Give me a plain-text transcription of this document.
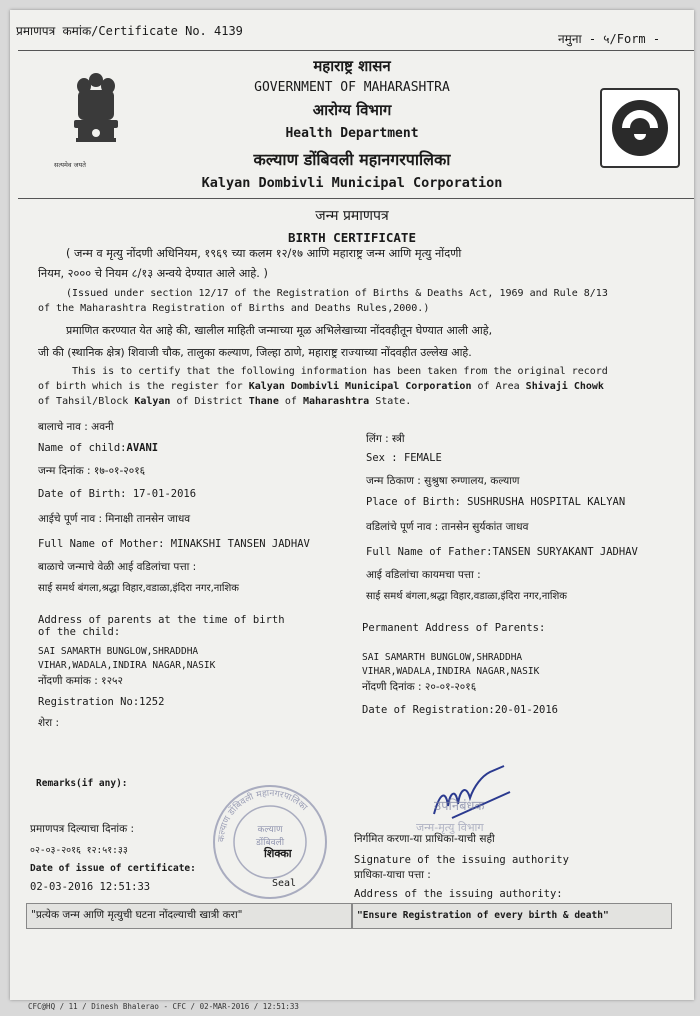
प्रमाणपत्र कमांक/Certificate No. 4139
नमुना - ५/Form -
सत्यमेव जयते
महाराष्ट्र शासन
GOVERNMENT OF MAHARASHTRA
आरोग्य विभाग
Health Department
कल्याण डोंबिवली महानगरपालिका
Kalyan Dombivli Municipal Corporation
जन्म प्रमाणपत्र
BIRTH CERTIFICATE
( जन्म व मृत्यु नोंदणी अधिनियम, १९६९ च्या कलम १२/१७ आणि महाराष्ट्र जन्म आणि मृत्यु नोंदणी
नियम, २००० चे नियम ८/१३ अन्वये देण्यात आले आहे. )
(Issued under section 12/17 of the Registration of Births & Deaths Act, 1969 and Rule 8/13
of the Maharashtra Registration of Births and Deaths Rules,2000.)
प्रमाणित करण्यात येत आहे की, खालील माहिती जन्माच्या मूळ अभिलेखाच्या नोंदवहीतून घेण्यात आली आहे,
जी की (स्थानिक क्षेत्र) शिवाजी चौक, तालुका कल्याण, जिल्हा ठाणे, महाराष्ट्र राज्याच्या नोंदवहीत उल्लेख आहे.
This is to certify that the following information has been taken from the original record
of birth which is the register for Kalyan Dombivli Municipal Corporation of Area Shivaji Chowk
of Tahsil/Block Kalyan of District Thane of Maharashtra State.
बालाचे नाव : अवनी
Name of child:AVANI
जन्म दिनांक : १७-०१-२०१६
Date of Birth: 17-01-2016
आईचे पूर्ण नाव : मिनाक्षी तानसेन जाधव
Full Name of Mother: MINAKSHI TANSEN JADHAV
बाळाचे जन्माचे वेळी आई वडिलांचा पत्ता :
साई समर्थ बंगला,श्रद्धा विहार,वडाळा,इंदिरा नगर,नाशिक
Address of parents at the time of birth
of the child:
SAI SAMARTH BUNGLOW,SHRADDHA
VIHAR,WADALA,INDIRA NAGAR,NASIK
नोंदणी कमांक : १२५२
Registration No:1252
शेरा :
लिंग : स्त्री
Sex : FEMALE
जन्म ठिकाण : सुश्रुषा रुग्णालय, कल्याण
Place of Birth: SUSHRUSHA HOSPITAL KALYAN
वडिलांचे पूर्ण नाव : तानसेन सुर्यकांत जाधव
Full Name of Father:TANSEN SURYAKANT JADHAV
आई वडिलांचा कायमचा पत्ता :
साई समर्थ बंगला,श्रद्धा विहार,वडाळा,इंदिरा नगर,नाशिक
Permanent Address of Parents:
SAI SAMARTH BUNGLOW,SHRADDHA
VIHAR,WADALA,INDIRA NAGAR,NASIK
नोंदणी दिनांक : २०-०१-२०१६
Date of Registration:20-01-2016
Remarks(if any):
उपनिबंधक
जन्म-मृत्यु विभाग
कल्याण डोंबिवली महानगरपालिका
कल्याण
डोंबिवली
शिक्का
Seal
प्रमाणपत्र दिल्याचा दिनांक :
०२-०३-२०१६ १२:५१:३३
Date of issue of certificate:
02-03-2016 12:51:33
निर्गमित करणा-या प्राधिका-याची सही
Signature of the issuing authority
प्राधिका-याचा पत्ता :
Address of the issuing authority:
"प्रत्येक जन्म आणि मृत्युची घटना नोंदल्याची खात्री करा"	"Ensure Registration of every birth & death"
CFC@HQ / 11 / Dinesh Bhalerao - CFC / 02-MAR-2016 / 12:51:33
